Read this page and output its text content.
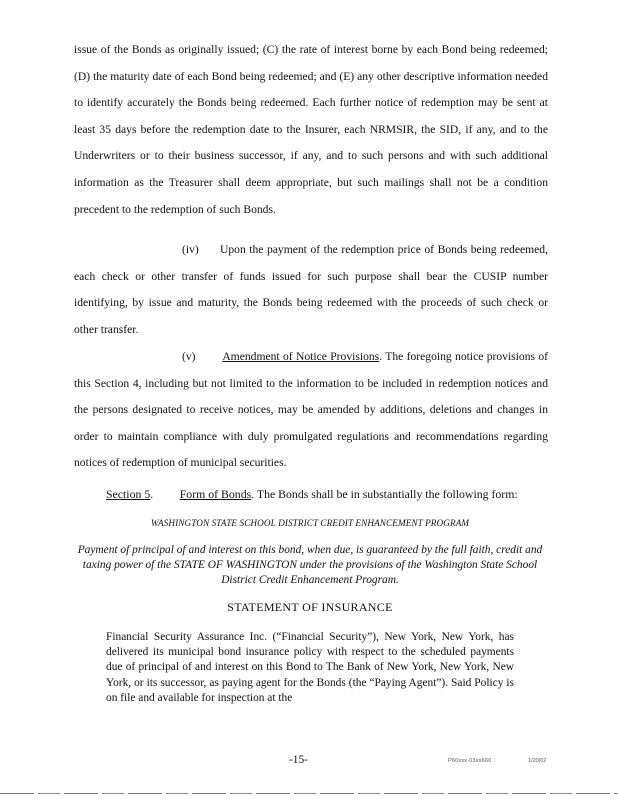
issue of the Bonds as originally issued; (C) the rate of interest borne by each Bond being redeemed; (D) the maturity date of each Bond being redeemed; and (E) any other descriptive information needed to identify accurately the Bonds being redeemed. Each further notice of redemption may be sent at least 35 days before the redemption date to the Insurer, each NRMSIR, the SID, if any, and to the Underwriters or to their business successor, if any, and to such persons and with such additional information as the Treasurer shall deem appropriate, but such mailings shall not be a condition precedent to the redemption of such Bonds.

(iv) Upon the payment of the redemption price of Bonds being redeemed, each check or other transfer of funds issued for such purpose shall bear the CUSIP number identifying, by issue and maturity, the Bonds being redeemed with the proceeds of such check or other transfer.

(v) Amendment of Notice Provisions. The foregoing notice provisions of this Section 4, including but not limited to the information to be included in redemption notices and the persons designated to receive notices, may be amended by additions, deletions and changes in order to maintain compliance with duly promulgated regulations and recommendations regarding notices of redemption of municipal securities.

Section 5.         Form of Bonds. The Bonds shall be in substantially the following form:
WASHINGTON STATE SCHOOL DISTRICT CREDIT ENHANCEMENT PROGRAM
Payment of principal of and interest on this bond, when due, is guaranteed by the full faith, credit and taxing power of the STATE OF WASHINGTON under the provisions of the Washington State School District Credit Enhancement Program.
STATEMENT OF INSURANCE

Financial Security Assurance Inc. (“Financial Security”), New York, New York, has delivered its municipal bond insurance policy with respect to the scheduled payments due of principal of and interest on this Bond to The Bank of New York, New York, New York, or its successor, as paying agent for the Bonds (the “Paying Agent”). Said Policy is on file and available for inspection at the

-15-	P60xxx-03xx660	1/20/02
